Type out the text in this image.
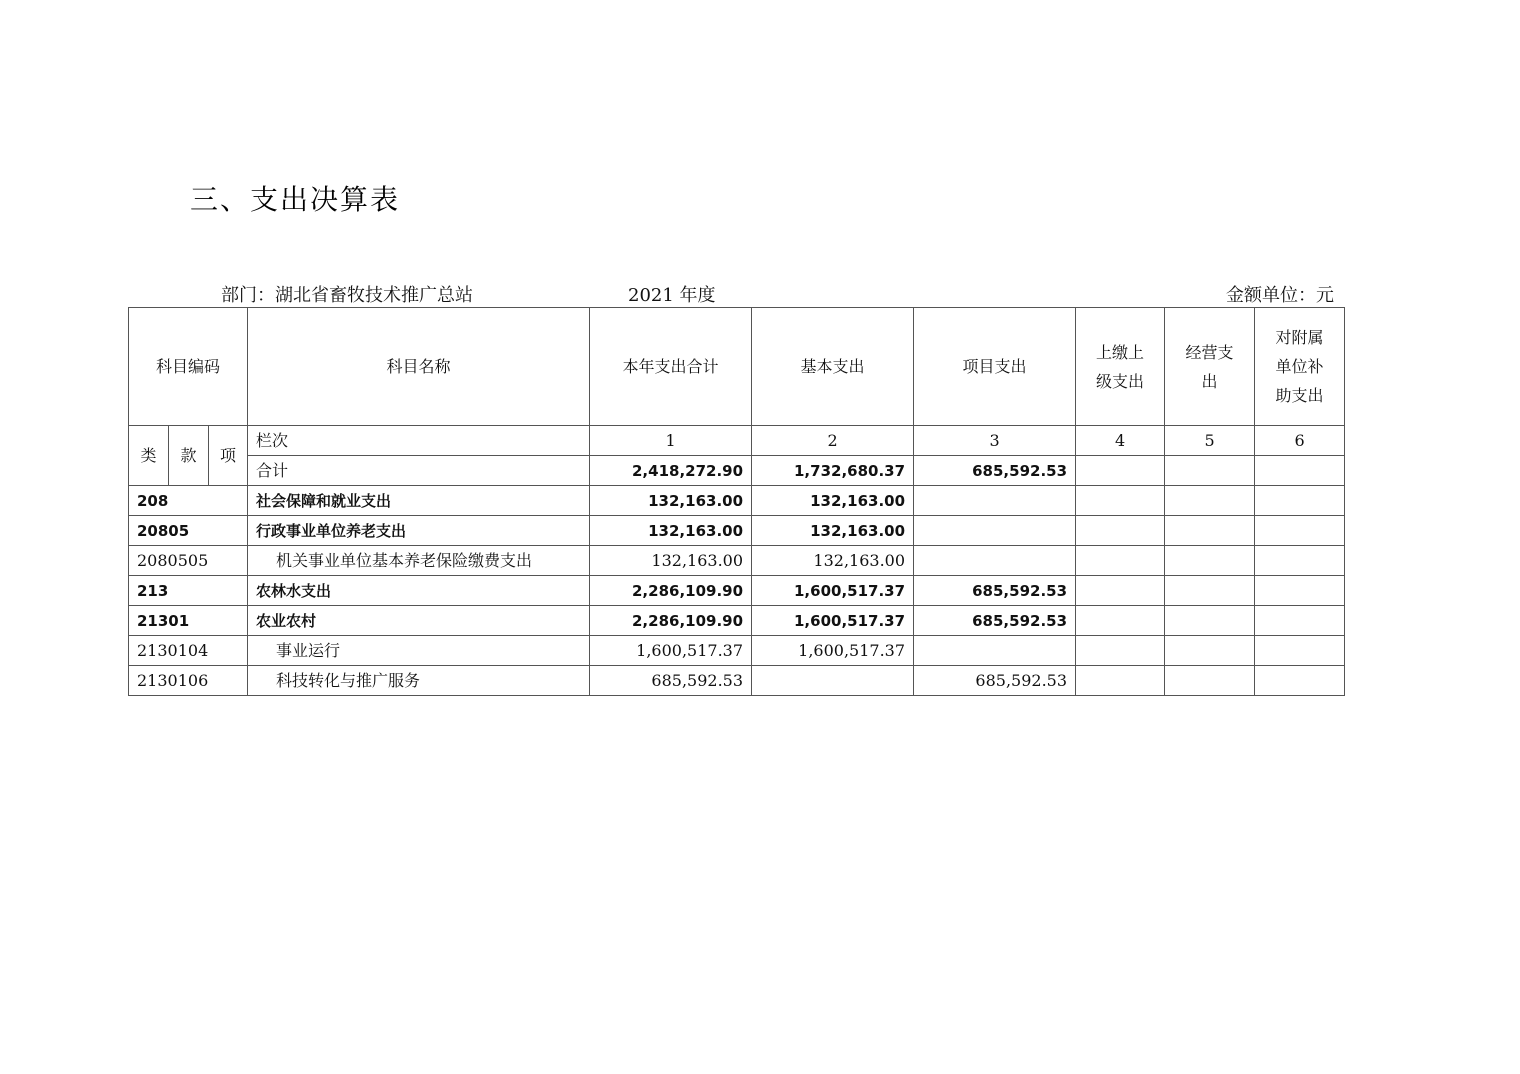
三、支出决算表
部门：湖北省畜牧技术推广总站	2021 年度	金额单位：元
科目编码			科目名称	本年支出合计	基本支出	项目支出	上缴上级支出	经营支出	对附属单位补助支出
类	款	项	栏次	1	2	3	4	5	6
			合计	2,418,272.90	1,732,680.37	685,592.53			
208			社会保障和就业支出	132,163.00	132,163.00				
20805			行政事业单位养老支出	132,163.00	132,163.00				
2080505			机关事业单位基本养老保险缴费支出	132,163.00	132,163.00				
213			农林水支出	2,286,109.90	1,600,517.37	685,592.53			
21301			农业农村	2,286,109.90	1,600,517.37	685,592.53			
2130104			事业运行	1,600,517.37	1,600,517.37				
2130106			科技转化与推广服务	685,592.53		685,592.53			
